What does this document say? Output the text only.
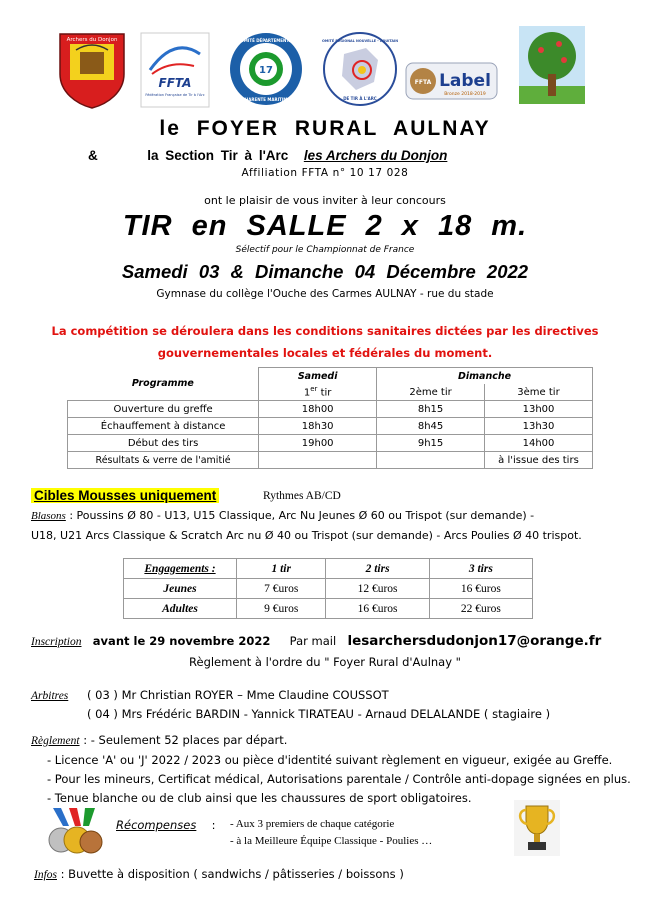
Archers du Donjon
FFTA
Fédération Française de Tir à l'Arc
17
COMITÉ DÉPARTEMENTAL
CHARENTE MARITIME
COMITÉ RÉGIONAL NOUVELLE - AQUITAINE
DE TIR À L'ARC
FFTA Label
Bronze 2018-2019
le FOYER RURAL AULNAY
&	la Section Tir à l'Arc les Archers du Donjon
Affiliation FFTA n° 10 17 028
ont le plaisir de vous inviter à leur concours
TIR en SALLE 2 x 18 m.
Sélectif pour le Championnat de France
Samedi 03 & Dimanche 04 Décembre 2022
Gymnase du collège l'Ouche des Carmes AULNAY - rue du stade
La compétition se déroulera dans les conditions sanitaires dictées par les directives
gouvernementales locales et fédérales du moment.
Programme	Samedi	Dimanche	
	1er tir	2ème tir	3ème tir
Ouverture du greffe	18h00	8h15	13h00
Échauffement à distance	18h30	8h45	13h30
Début des tirs	19h00	9h15	14h00
Résultats & verre de l'amitié			à l'issue des tirs
Cibles Mousses uniquement	Rythmes AB/CD
Blasons : Poussins Ø 80 - U13, U15 Classique, Arc Nu Jeunes Ø 60 ou Trispot (sur demande) -
U18, U21 Arcs Classique & Scratch Arc nu Ø 40 ou Trispot (sur demande) - Arcs Poulies Ø 40 trispot.
Engagements :	1 tir	2 tirs	3 tirs
Jeunes	7 €uros	12 €uros	16 €uros
Adultes	9 €uros	16 €uros	22 €uros
Inscription avant le 29 novembre 2022 Par mail lesarchersdudonjon17@orange.fr
Règlement à l'ordre du " Foyer Rural d'Aulnay "
Arbitres ( 03 ) Mr Christian ROYER – Mme Claudine COUSSOT
( 04 ) Mrs Frédéric BARDIN - Yannick TIRATEAU - Arnaud DELALANDE ( stagiaire )
Règlement : - Seulement 52 places par départ.
- Licence 'A' ou 'J' 2022 / 2023 ou pièce d'identité suivant règlement en vigueur, exigée au Greffe.
- Pour les mineurs, Certificat médical, Autorisations parentale / Contrôle anti-dopage signées en plus.
- Tenue blanche ou de club ainsi que les chaussures de sport obligatoires.
Récompenses : - Aux 3 premiers de chaque catégorie
- à la Meilleure Équipe Classique - Poulies …
Infos : Buvette à disposition ( sandwichs / pâtisseries / boissons )
